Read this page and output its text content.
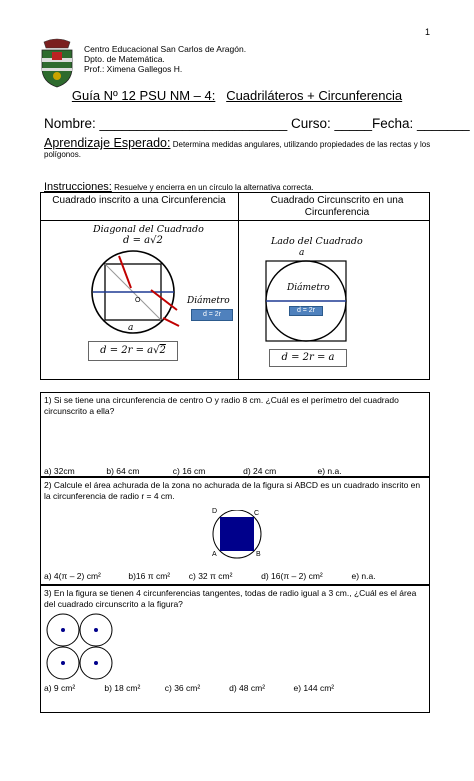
1
Centro Educacional San Carlos de Aragón.
Dpto. de Matemática.
Prof.: Ximena Gallegos H.
Guía Nº 12 PSU NM – 4: Cuadriláteros + Circunferencia
Nombre: _________________________ Curso: _____Fecha: _______
Aprendizaje Esperado: Determina medidas angulares, utilizando propiedades de las rectas y los polígonos.
Instrucciones: Resuelve y encierra en un círculo la alternativa correcta.
Cuadrado inscrito a una Circunferencia	Cuadrado Circunscrito en una Circunferencia
Diagonal del Cuadrado
d = a√2
O	Diámetro
d = 2r
a
d = 2r = a√2
Lado del Cuadrado
a
Diámetro
d = 2r
d = 2r = a
1) Si se tiene una circunferencia de centro O y radio 8 cm. ¿Cuál es el perímetro del cuadrado circunscrito a ella?
a) 32cm	b) 64 cm	c) 16 cm	d) 24 cm	e) n.a.
2) Calcule el área achurada de la zona no achurada de la figura si ABCD es un cuadrado inscrito en la circunferencia de radio r = 4 cm.
D	C
A	B
a) 4(π – 2) cm²	b)16 π cm² c) 32 π cm²	d) 16(π – 2) cm²	e) n.a.
3) En la figura se tienen 4 circunferencias tangentes, todas de radio igual a 3 cm., ¿Cuál es el área del cuadrado circunscrito a la figura?
a) 9 cm²	b) 18 cm²	c) 36 cm²	d) 48 cm²	e) 144 cm²
